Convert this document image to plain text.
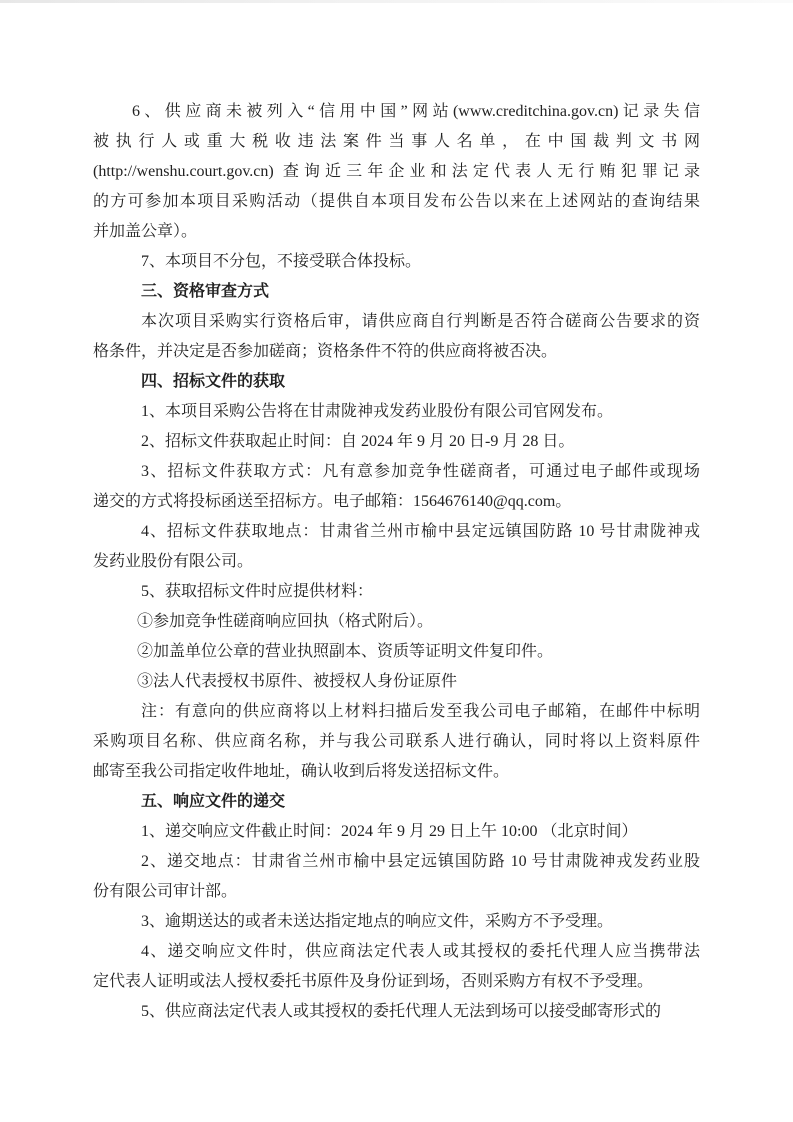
6、供应商未被列入“信用中国”网站(www.creditchina.gov.cn)记录失信
被执行人或重大税收违法案件当事人名单，在中国裁判文书网
(http://wenshu.court.gov.cn) 查询近三年企业和法定代表人无行贿犯罪记录
的方可参加本项目采购活动（提供自本项目发布公告以来在上述网站的查询结果
并加盖公章）。
7、本项目不分包，不接受联合体投标。
三、资格审查方式
本次项目采购实行资格后审，请供应商自行判断是否符合磋商公告要求的资
格条件，并决定是否参加磋商；资格条件不符的供应商将被否决。
四、招标文件的获取
1、本项目采购公告将在甘肃陇神戎发药业股份有限公司官网发布。
2、招标文件获取起止时间：自 2024 年 9 月 20 日-9 月 28 日。
3、招标文件获取方式：凡有意参加竞争性磋商者，可通过电子邮件或现场
递交的方式将投标函送至招标方。电子邮箱：1564676140@qq.com。
4、招标文件获取地点：甘肃省兰州市榆中县定远镇国防路 10 号甘肃陇神戎
发药业股份有限公司。
5、获取招标文件时应提供材料：
①参加竞争性磋商响应回执（格式附后）。
②加盖单位公章的营业执照副本、资质等证明文件复印件。
③法人代表授权书原件、被授权人身份证原件
注：有意向的供应商将以上材料扫描后发至我公司电子邮箱，在邮件中标明
采购项目名称、供应商名称，并与我公司联系人进行确认，同时将以上资料原件
邮寄至我公司指定收件地址，确认收到后将发送招标文件。
五、响应文件的递交
1、递交响应文件截止时间：2024 年 9 月 29 日上午 10:00 （北京时间）
2、递交地点：甘肃省兰州市榆中县定远镇国防路 10 号甘肃陇神戎发药业股
份有限公司审计部。
3、逾期送达的或者未送达指定地点的响应文件，采购方不予受理。
4、递交响应文件时，供应商法定代表人或其授权的委托代理人应当携带法
定代表人证明或法人授权委托书原件及身份证到场，否则采购方有权不予受理。
5、供应商法定代表人或其授权的委托代理人无法到场可以接受邮寄形式的
